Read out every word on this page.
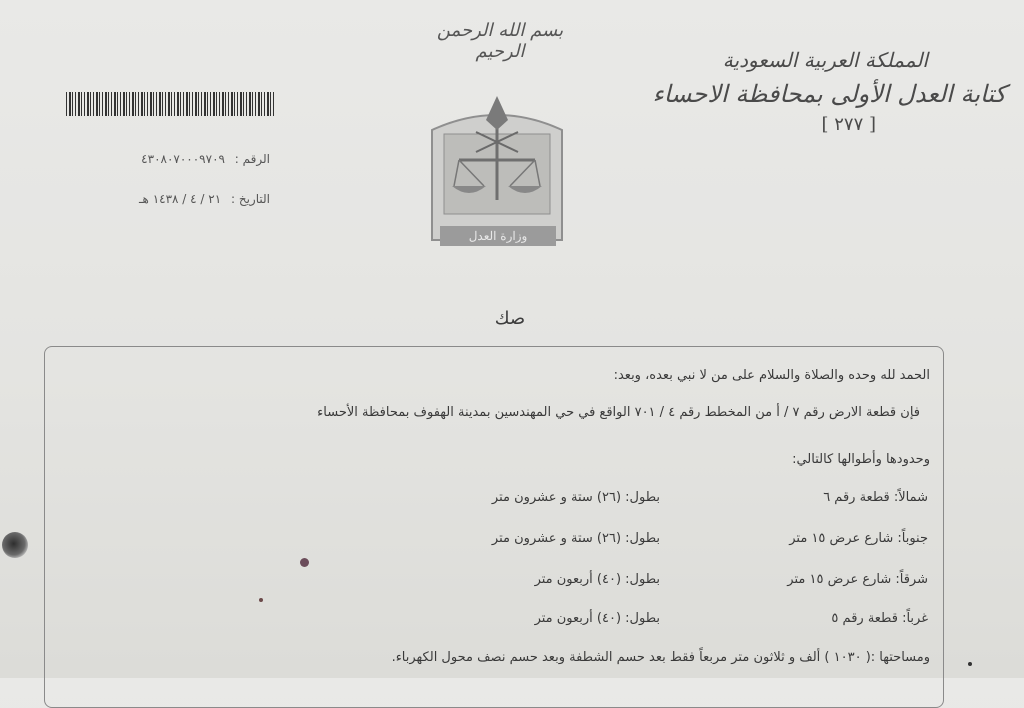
بسم الله الرحمن الرحيم	المملكة العربية السعودية
كتابة العدل الأولى بمحافظة الاحساء
[ ٢٧٧ ]
الرقم : ٤٣٠٨٠٧٠٠٠٩٧٠٩
التاريخ : ٢١ / ٤ / ١٤٣٨ هـ
وزارة العدل
صك
الحمد لله وحده والصلاة والسلام على من لا نبي بعده، وبعد:
فإن قطعة الارض رقم ٧ / أ من المخطط رقم ٤ / ٧٠١ الواقع في حي المهندسين بمدينة الهفوف بمحافظة الأحساء
وحدودها وأطوالها كالتالي:
شمالاً: قطعة رقم ٦
بطول: (٢٦) ستة و عشرون متر
جنوباً: شارع عرض ١٥ متر
بطول: (٢٦) ستة و عشرون متر
شرقاً: شارع عرض ١٥ متر
بطول: (٤٠) أربعون متر
غرباً: قطعة رقم ٥
بطول: (٤٠) أربعون متر
ومساحتها :( ١٠٣٠ ) ألف و ثلاثون متر مربعاً فقط بعد حسم الشطفة وبعد حسم نصف محول الكهرباء.
